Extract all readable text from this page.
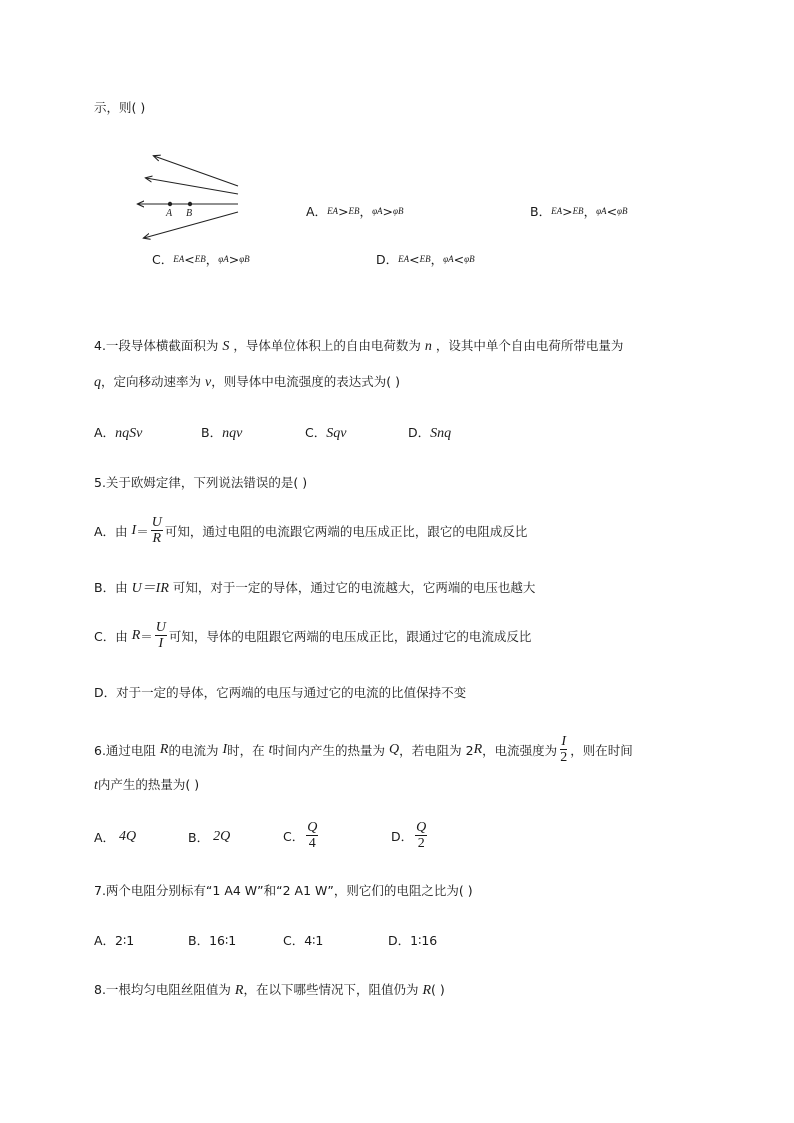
示，则( )
A B	A． EA > EB ， φA > φB	B． EA > EB ， φA < φB
C． EA < EB ， φA > φB	D． EA < EB ， φA < φB
4.一段导体横截面积为 S ，导体单位体积上的自由电荷数为 n ，设其中单个自由电荷所带电量为
q，定向移动速率为 v，则导体中电流强度的表达式为( )
A．nqSv	B．nqv	C．Sqv	D．Snq
5.关于欧姆定律，下列说法错误的是( )
A．由
$I = \frac{U}{R}$ 可知，通过电阻的电流跟它两端的电压成正比，跟它的电阻成反比
B．由
U＝IR
可知，对于一定的导体，通过它的电流越大，它两端的电压也越大
C．由
$R = \frac{U}{I}$ 可知，导体的电阻跟它两端的电压成正比，跟通过它的电流成反比
D．对于一定的导体，它两端的电压与通过它的电流的比值保持不变
6.通过电阻
R 的电流为
I 时，在
t 时间内产生的热量为
Q ，若电阻为 2 R ，电流强度为 $\frac{I}{2}$ ，则在时间
t内产生的热量为( )
A．
4Q	B．
2Q	C． $\frac{Q}{4}$	D． $\frac{Q}{2}$
7.两个电阻分别标有“1 A4 W”和“2 A1 W”，则它们的电阻之比为( )
A．2∶1	B．16∶1	C．4∶1	D．1∶16
8.一根均匀电阻丝阻值为 R，在以下哪些情况下，阻值仍为 R( )
